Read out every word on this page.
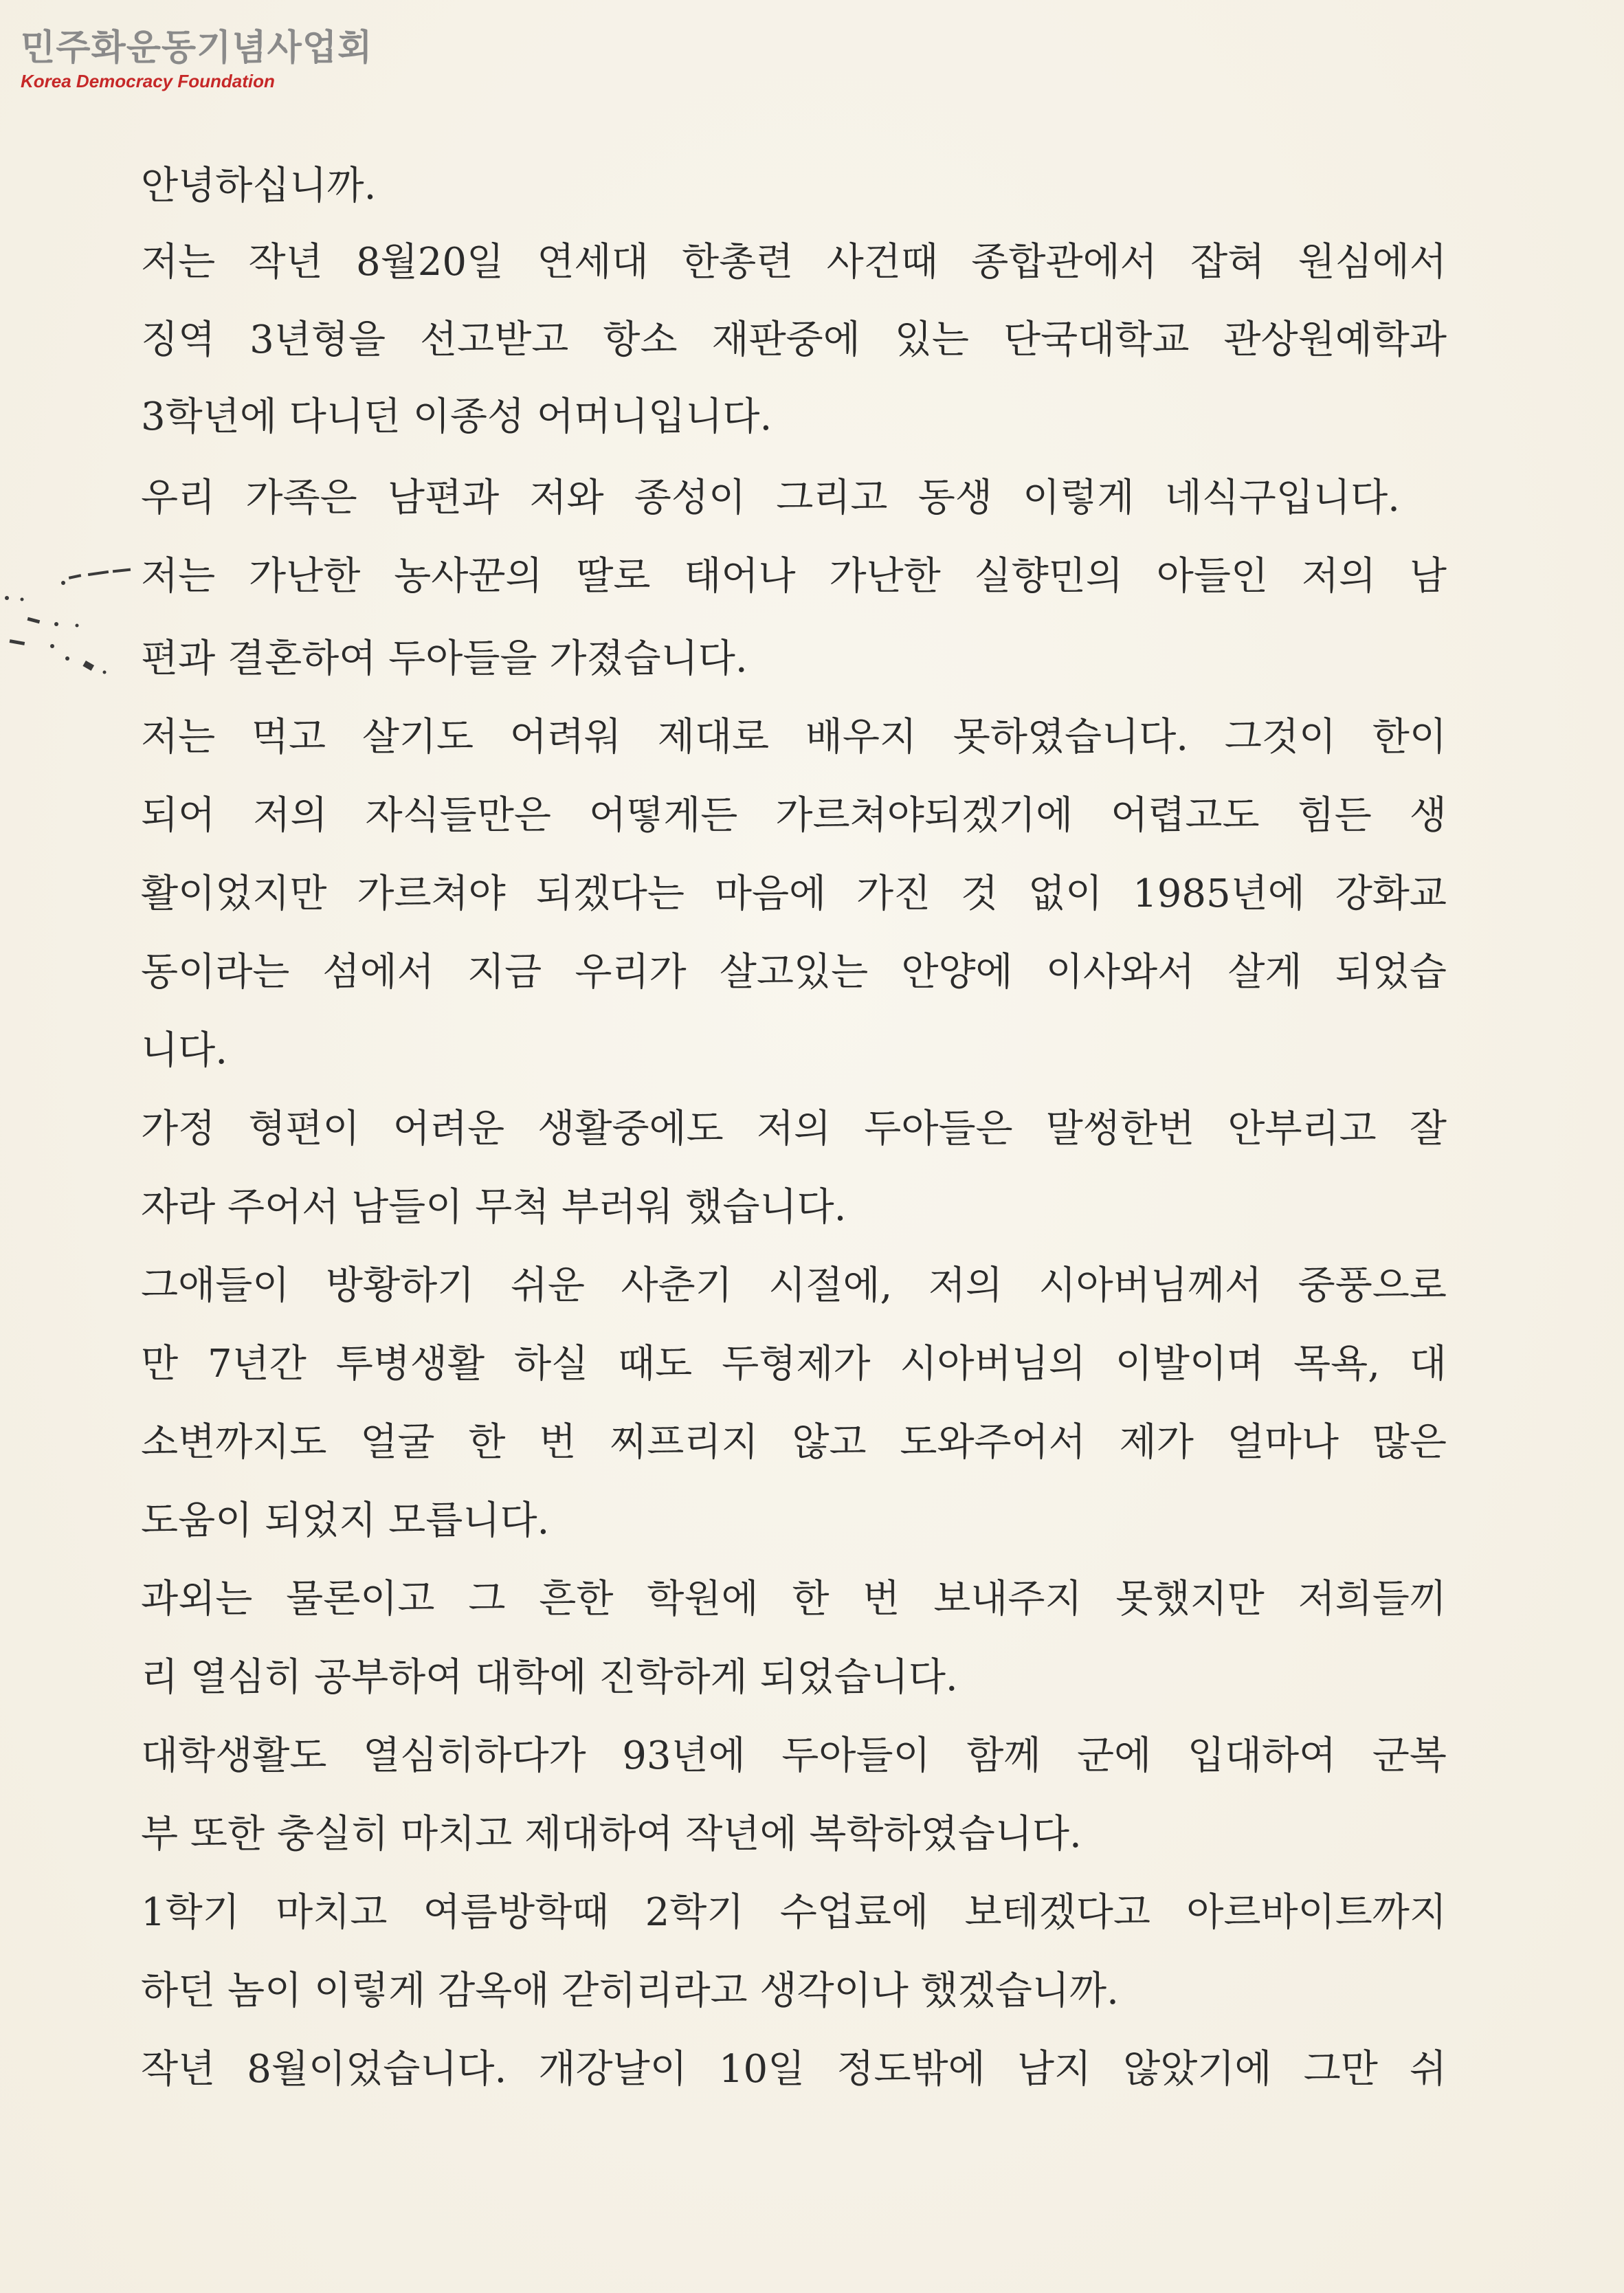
민주화운동기념사업회
Korea Democracy Foundation
안녕하십니까.
저는 작년 8월20일 연세대 한총련 사건때 종합관에서 잡혀 원심에서
징역 3년형을 선고받고 항소 재판중에 있는 단국대학교 관상원예학과
3학년에 다니던 이종성 어머니입니다.
우리 가족은 남편과 저와 종성이 그리고 동생 이렇게 네식구입니다.
저는 가난한 농사꾼의 딸로 태어나 가난한 실향민의 아들인 저의 남
편과 결혼하여 두아들을 가졌습니다.
저는 먹고 살기도 어려워 제대로 배우지 못하였습니다. 그것이 한이
되어 저의 자식들만은 어떻게든 가르쳐야되겠기에 어렵고도 힘든 생
활이었지만 가르쳐야 되겠다는 마음에 가진 것 없이 1985년에 강화교
동이라는 섬에서 지금 우리가 살고있는 안양에 이사와서 살게 되었습
니다.
가정 형편이 어려운 생활중에도 저의 두아들은 말썽한번 안부리고 잘
자라 주어서 남들이 무척 부러워 했습니다.
그애들이 방황하기 쉬운 사춘기 시절에, 저의 시아버님께서 중풍으로
만 7년간 투병생활 하실 때도 두형제가 시아버님의 이발이며 목욕, 대
소변까지도 얼굴 한 번 찌프리지 않고 도와주어서 제가 얼마나 많은
도움이 되었지 모릅니다.
과외는 물론이고 그 흔한 학원에 한 번 보내주지 못했지만 저희들끼
리 열심히 공부하여 대학에 진학하게 되었습니다.
대학생활도 열심히하다가 93년에 두아들이 함께 군에 입대하여 군복
부 또한 충실히 마치고 제대하여 작년에 복학하였습니다.
1학기 마치고 여름방학때 2학기 수업료에 보테겠다고 아르바이트까지
하던 놈이 이렇게 감옥애 갇히리라고 생각이나 했겠습니까.
작년 8월이었습니다. 개강날이 10일 정도밖에 남지 않았기에 그만 쉬
